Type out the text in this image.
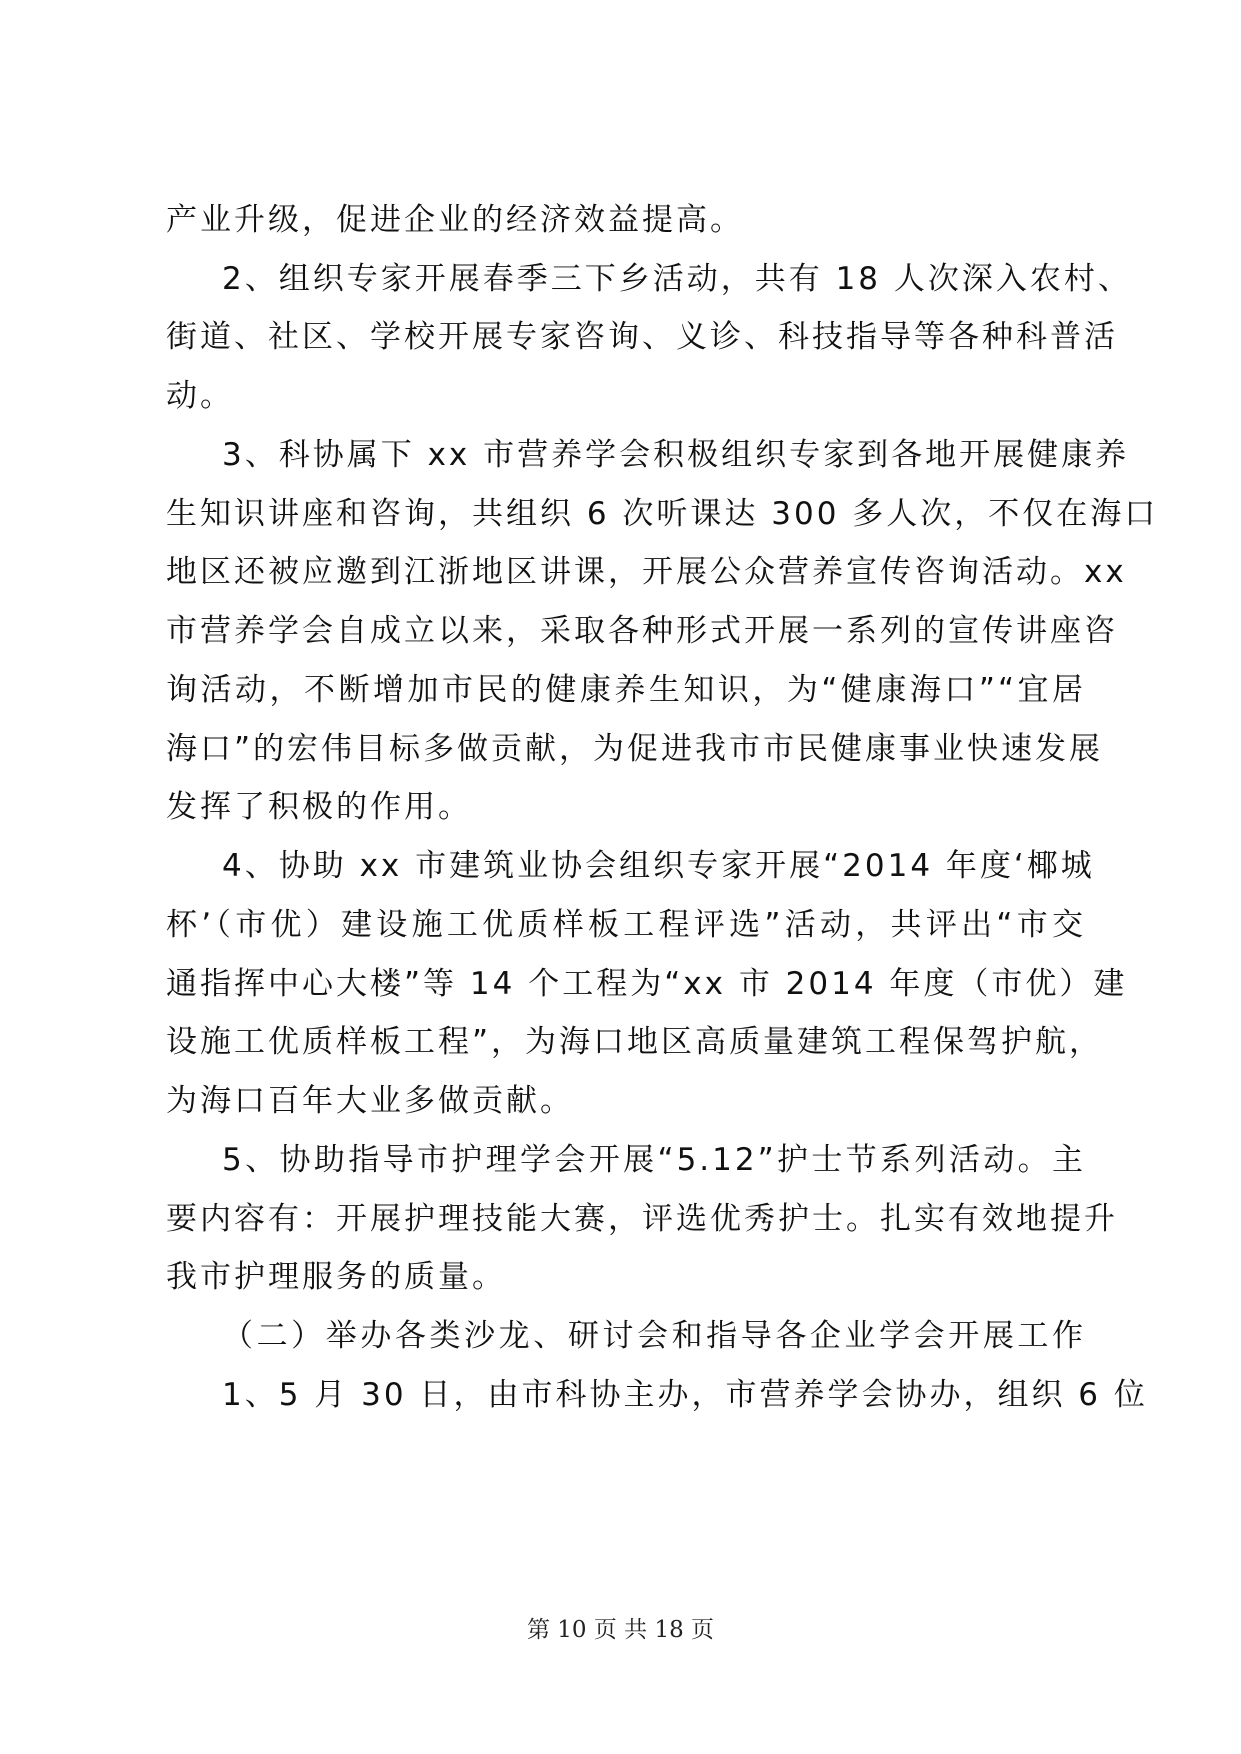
产业升级，促进企业的经济效益提高。
2、组织专家开展春季三下乡活动，共有 18 人次深入农村、
街道、社区、学校开展专家咨询、义诊、科技指导等各种科普活
动。
3、科协属下 xx 市营养学会积极组织专家到各地开展健康养
生知识讲座和咨询，共组织 6 次听课达 300 多人次，不仅在海口
地区还被应邀到江浙地区讲课，开展公众营养宣传咨询活动。xx
市营养学会自成立以来，采取各种形式开展一系列的宣传讲座咨
询活动，不断增加市民的健康养生知识，为“健康海口”“宜居
海口”的宏伟目标多做贡献，为促进我市市民健康事业快速发展
发挥了积极的作用。
4、协助 xx 市建筑业协会组织专家开展“2014 年度‘椰城
杯’（市优）建设施工优质样板工程评选”活动，共评出“市交
通指挥中心大楼”等 14 个工程为“xx 市 2014 年度（市优）建
设施工优质样板工程”，为海口地区高质量建筑工程保驾护航，
为海口百年大业多做贡献。
5、协助指导市护理学会开展“5.12”护士节系列活动。主
要内容有：开展护理技能大赛，评选优秀护士。扎实有效地提升
我市护理服务的质量。
（二）举办各类沙龙、研讨会和指导各企业学会开展工作
1、5 月 30 日，由市科协主办，市营养学会协办，组织 6 位
第 10 页 共 18 页
